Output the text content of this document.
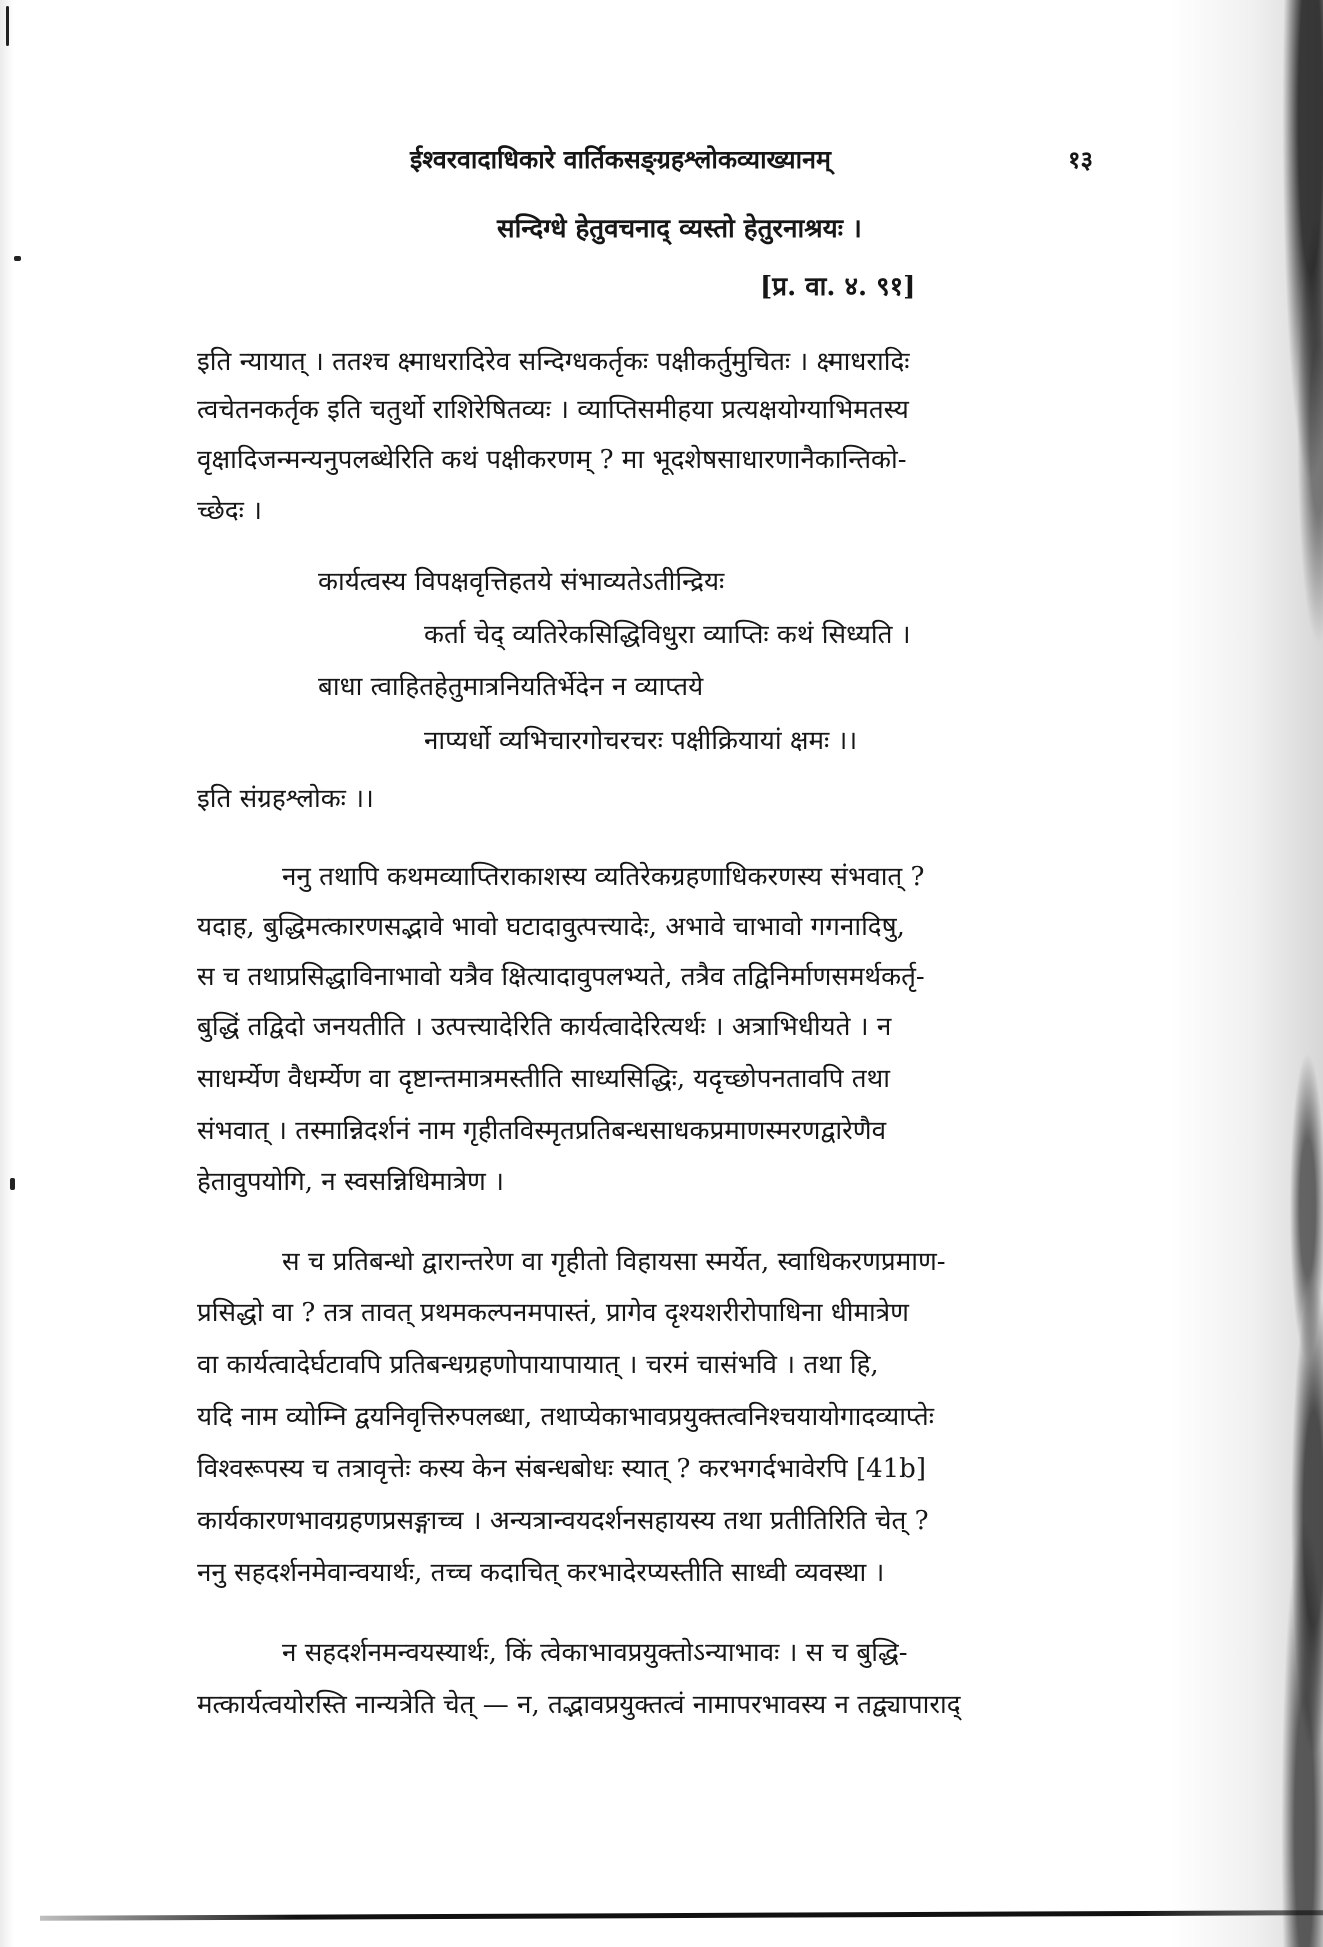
ईश्वरवादाधिकारे वार्तिकसङ्ग्रहश्लोकव्याख्यानम्	१३
सन्दिग्धे हेतुवचनाद् व्यस्तो हेतुरनाश्रयः ।
[प्र. वा. ४. ९१]
इति न्यायात् । ततश्च क्ष्माधरादिरेव सन्दिग्धकर्तृकः पक्षीकर्तुमुचितः । क्ष्माधरादिः
त्वचेतनकर्तृक इति चतुर्थो राशिरेषितव्यः । व्याप्तिसमीहया प्रत्यक्षयोग्याभिमतस्य
वृक्षादिजन्मन्यनुपलब्धेरिति कथं पक्षीकरणम् ? मा भूदशेषसाधारणानैकान्तिको-
च्छेदः ।
कार्यत्वस्य विपक्षवृत्तिहतये संभाव्यतेऽतीन्द्रियः
कर्ता चेद् व्यतिरेकसिद्धिविधुरा व्याप्तिः कथं सिध्यति ।
बाधा त्वाहितहेतुमात्रनियतिर्भेदेन न व्याप्तये
नाप्यर्धो व्यभिचारगोचरचरः पक्षीक्रियायां क्षमः ।।
इति संग्रहश्लोकः ।।
ननु तथापि कथमव्याप्तिराकाशस्य व्यतिरेकग्रहणाधिकरणस्य संभवात् ?
यदाह, बुद्धिमत्कारणसद्भावे भावो घटादावुत्पत्त्यादेः, अभावे चाभावो गगनादिषु,
स च तथाप्रसिद्धाविनाभावो यत्रैव क्षित्यादावुपलभ्यते, तत्रैव तद्विनिर्माणसमर्थकर्तृ-
बुद्धिं तद्विदो जनयतीति । उत्पत्त्यादेरिति कार्यत्वादेरित्यर्थः । अत्राभिधीयते । न
साधर्म्येण वैधर्म्येण वा दृष्टान्तमात्रमस्तीति साध्यसिद्धिः, यदृच्छोपनतावपि तथा
संभवात् । तस्मान्निदर्शनं नाम गृहीतविस्मृतप्रतिबन्धसाधकप्रमाणस्मरणद्वारेणैव
हेतावुपयोगि, न स्वसन्निधिमात्रेण ।
स च प्रतिबन्धो द्वारान्तरेण वा गृहीतो विहायसा स्मर्येत, स्वाधिकरणप्रमाण-
प्रसिद्धो वा ? तत्र तावत् प्रथमकल्पनमपास्तं, प्रागेव दृश्यशरीरोपाधिना धीमात्रेण
वा कार्यत्वादेर्घटावपि प्रतिबन्धग्रहणोपायापायात् । चरमं चासंभवि । तथा हि,
यदि नाम व्योम्नि द्वयनिवृत्तिरुपलब्धा, तथाप्येकाभावप्रयुक्तत्वनिश्चयायोगादव्याप्तेः
विश्वरूपस्य च तत्रावृत्तेः कस्य केन संबन्धबोधः स्यात् ? करभगर्दभावेरपि [41b]
कार्यकारणभावग्रहणप्रसङ्गाच्च । अन्यत्रान्वयदर्शनसहायस्य तथा प्रतीतिरिति चेत् ?
ननु सहदर्शनमेवान्वयार्थः, तच्च कदाचित् करभादेरप्यस्तीति साध्वी व्यवस्था ।
न सहदर्शनमन्वयस्यार्थः, किं त्वेकाभावप्रयुक्तोऽन्याभावः । स च बुद्धि-
मत्कार्यत्वयोरस्ति नान्यत्रेति चेत् — न, तद्भावप्रयुक्तत्वं नामापरभावस्य न तद्व्यापाराद्
